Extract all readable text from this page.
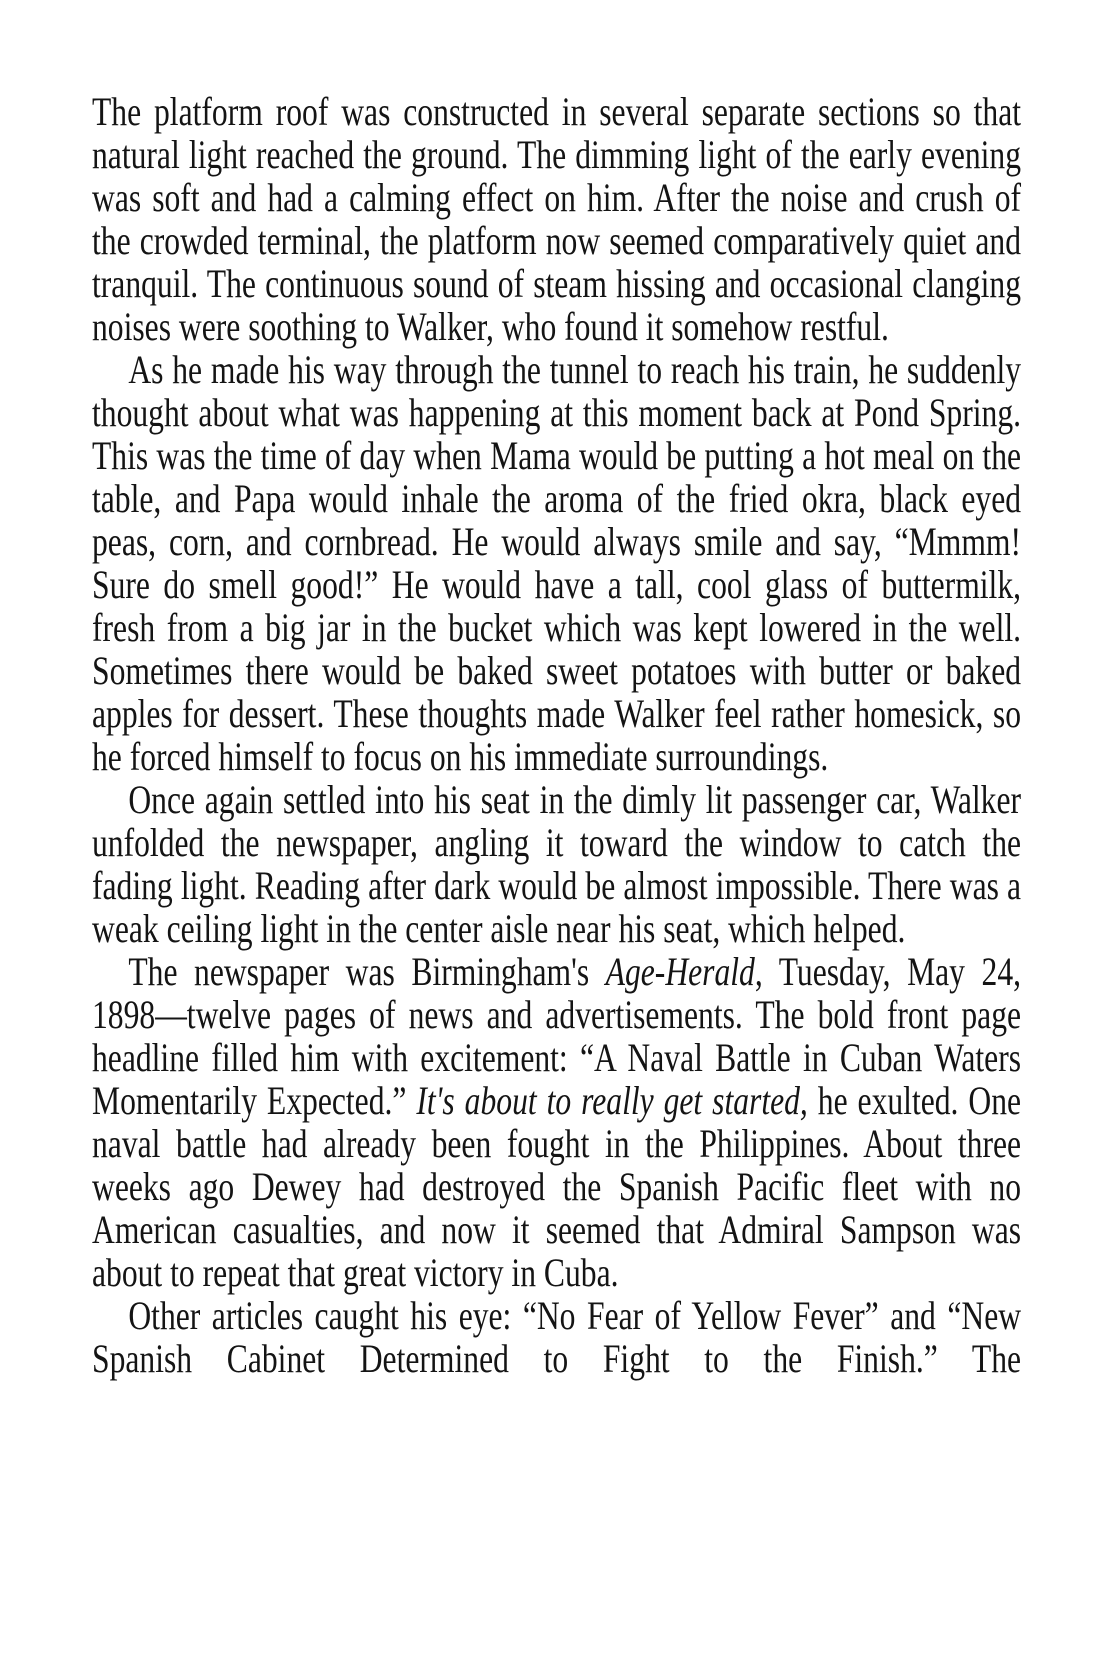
The platform roof was constructed in several separate sections so that natural light reached the ground. The dimming light of the early evening was soft and had a calming effect on him. After the noise and crush of the crowded terminal, the platform now seemed comparatively quiet and tranquil. The continuous sound of steam hissing and occasional clanging noises were soothing to Walker, who found it somehow restful.

As he made his way through the tunnel to reach his train, he suddenly thought about what was happening at this moment back at Pond Spring. This was the time of day when Mama would be putting a hot meal on the table, and Papa would inhale the aroma of the fried okra, black eyed peas, corn, and cornbread. He would always smile and say, “Mmmm! Sure do smell good!” He would have a tall, cool glass of buttermilk, fresh from a big jar in the bucket which was kept lowered in the well. Sometimes there would be baked sweet potatoes with butter or baked apples for dessert. These thoughts made Walker feel rather homesick, so he forced himself to focus on his immediate surroundings.

Once again settled into his seat in the dimly lit passenger car, Walker unfolded the newspaper, angling it toward the window to catch the fading light. Reading after dark would be almost impossible. There was a weak ceiling light in the center aisle near his seat, which helped.

The newspaper was Birmingham's Age-Herald, Tuesday, May 24, 1898—twelve pages of news and advertisements. The bold front page headline filled him with excitement: “A Naval Battle in Cuban Waters Momentarily Expected.” It's about to really get started, he exulted. One naval battle had already been fought in the Philippines. About three weeks ago Dewey had destroyed the Spanish Pacific fleet with no American casualties, and now it seemed that Admiral Sampson was about to repeat that great victory in Cuba.

Other articles caught his eye: “No Fear of Yellow Fever” and “New Spanish Cabinet Determined to Fight to the Finish.” The
